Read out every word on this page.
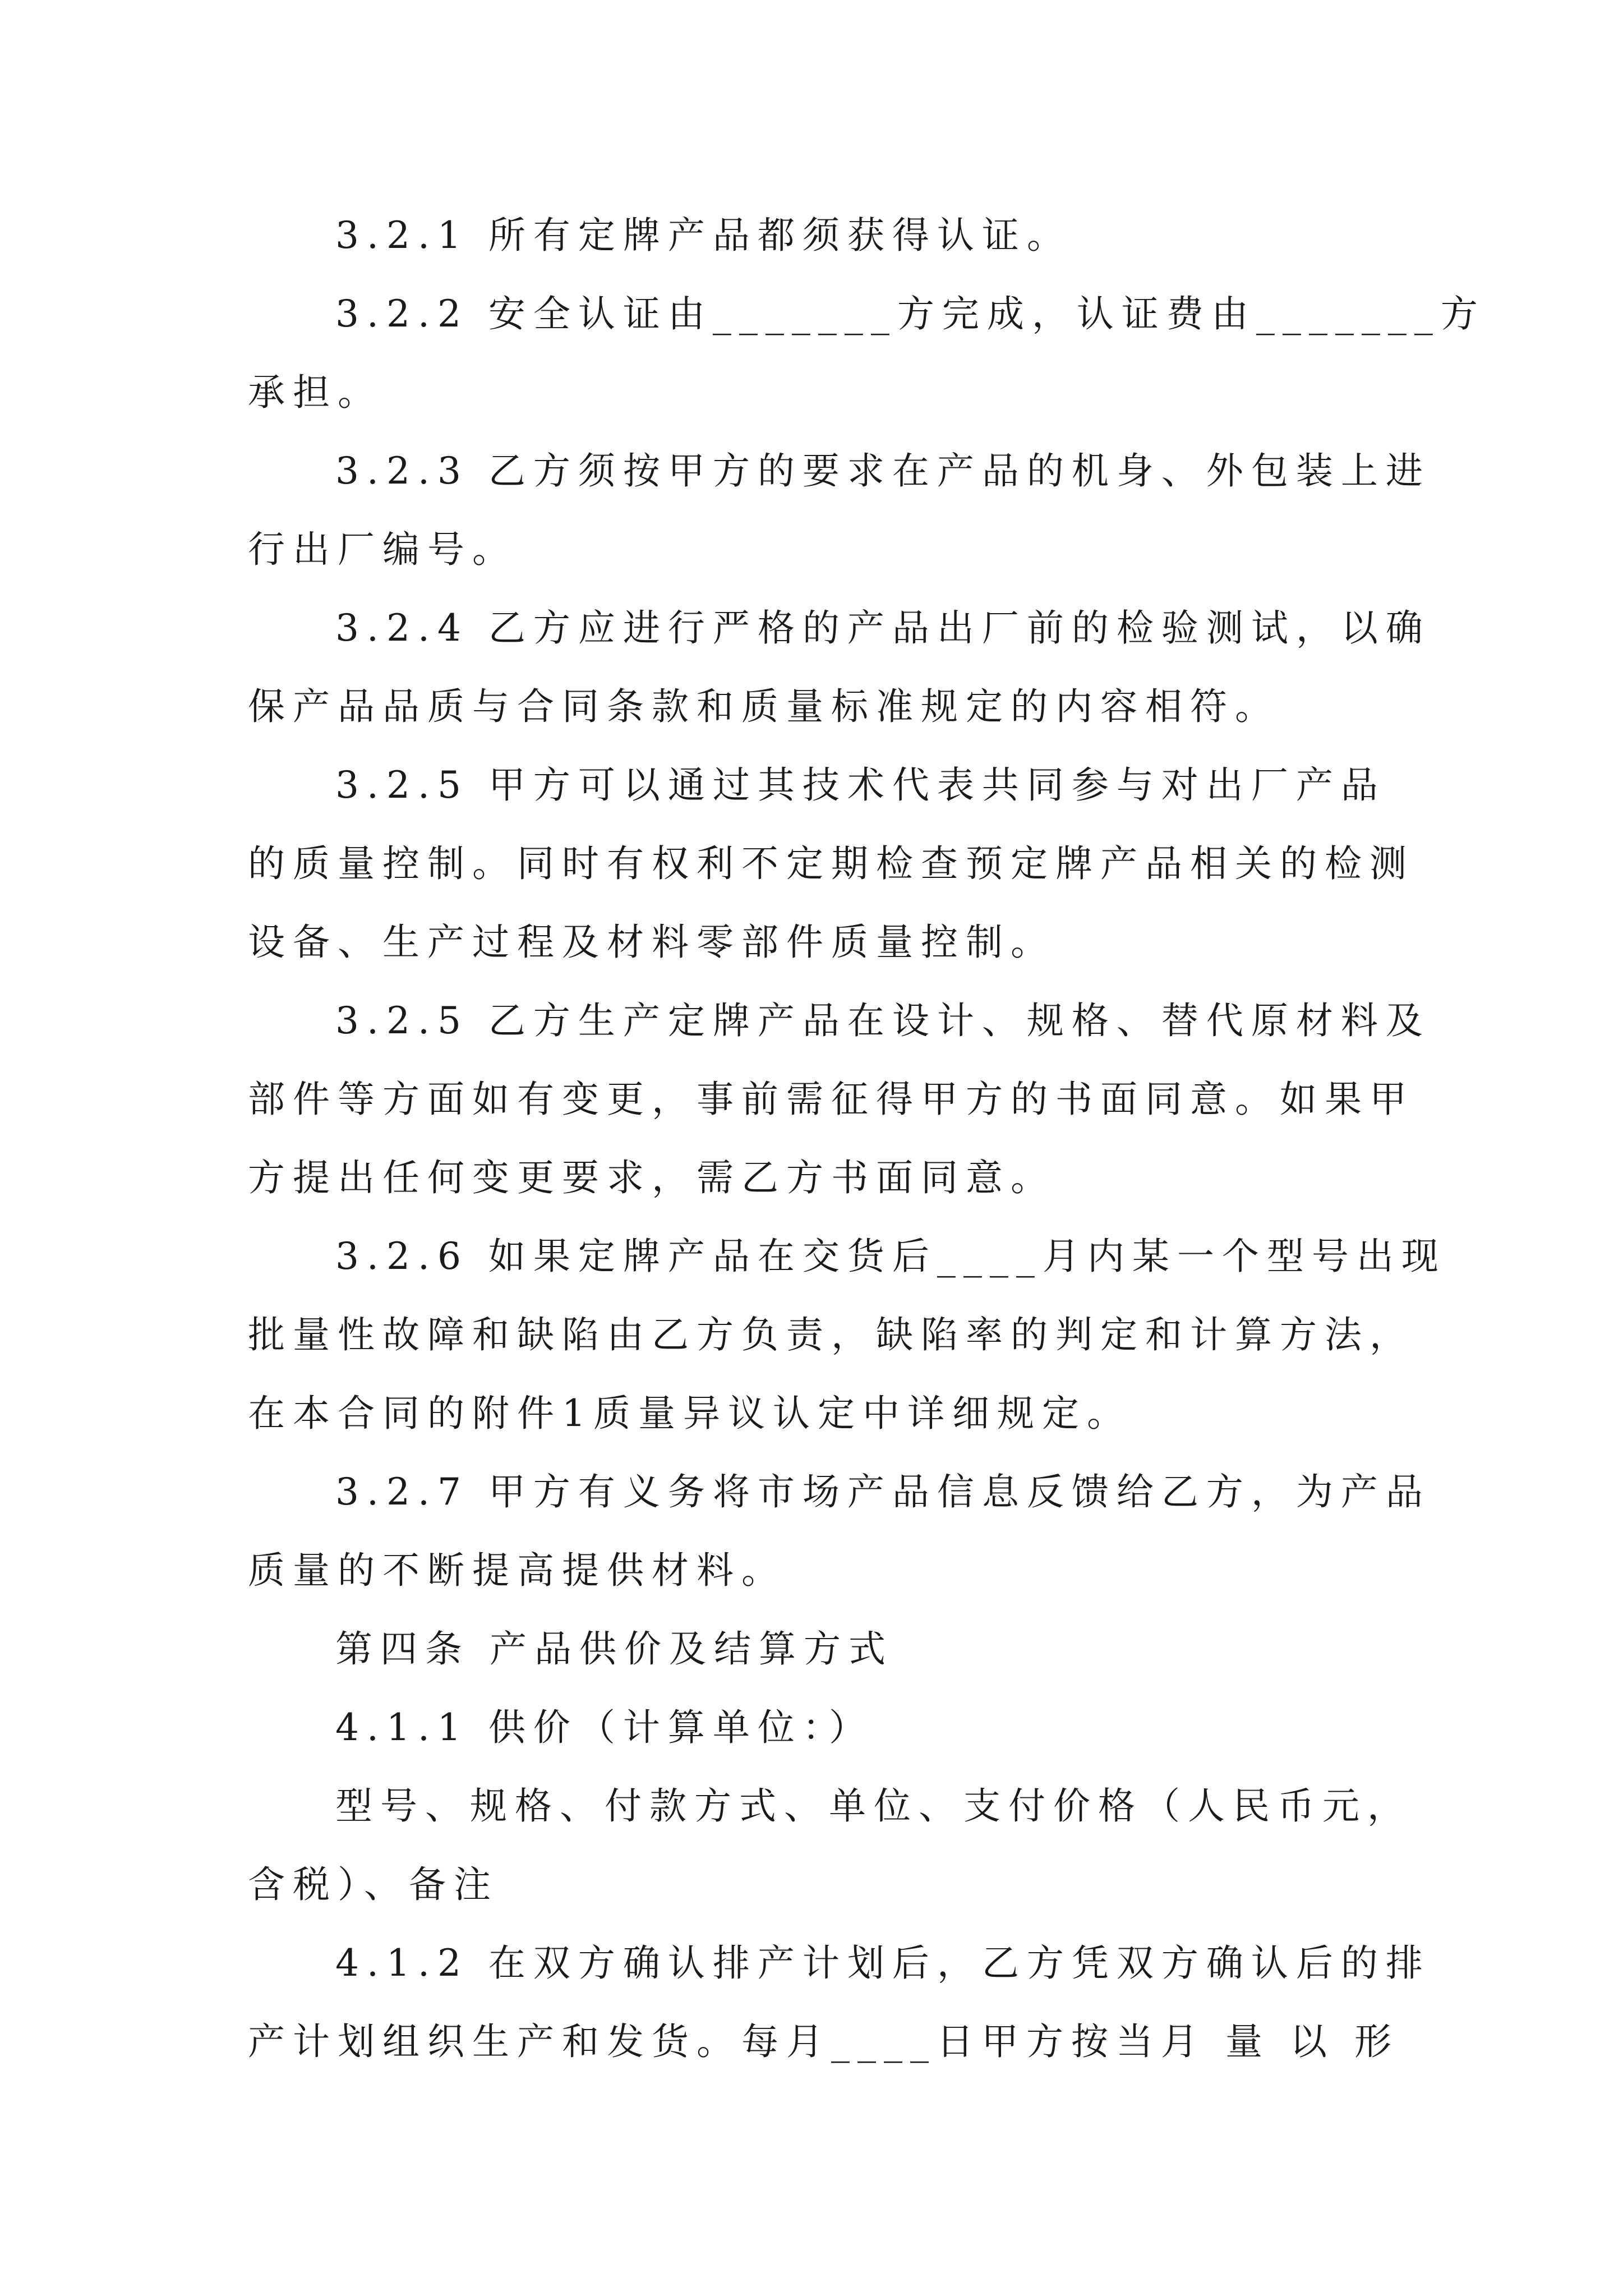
3.2.1 所有定牌产品都须获得认证。
3.2.2 安全认证由_______方完成，认证费由_______方
承担。
3.2.3 乙方须按甲方的要求在产品的机身、外包装上进
行出厂编号。
3.2.4 乙方应进行严格的产品出厂前的检验测试，以确
保产品品质与合同条款和质量标准规定的内容相符。
3.2.5 甲方可以通过其技术代表共同参与对出厂产品
的质量控制。同时有权利不定期检查预定牌产品相关的检测
设备、生产过程及材料零部件质量控制。
3.2.5 乙方生产定牌产品在设计、规格、替代原材料及
部件等方面如有变更，事前需征得甲方的书面同意。如果甲
方提出任何变更要求，需乙方书面同意。
3.2.6 如果定牌产品在交货后____月内某一个型号出现
批量性故障和缺陷由乙方负责，缺陷率的判定和计算方法，
在本合同的附件1质量异议认定中详细规定。
3.2.7 甲方有义务将市场产品信息反馈给乙方，为产品
质量的不断提高提供材料。
第四条 产品供价及结算方式
4.1.1 供价（计算单位：）
型号、规格、付款方式、单位、支付价格（人民币元，
含税）、备注
4.1.2 在双方确认排产计划后，乙方凭双方确认后的排
产计划组织生产和发货。每月____日甲方按当月 量 以 形
